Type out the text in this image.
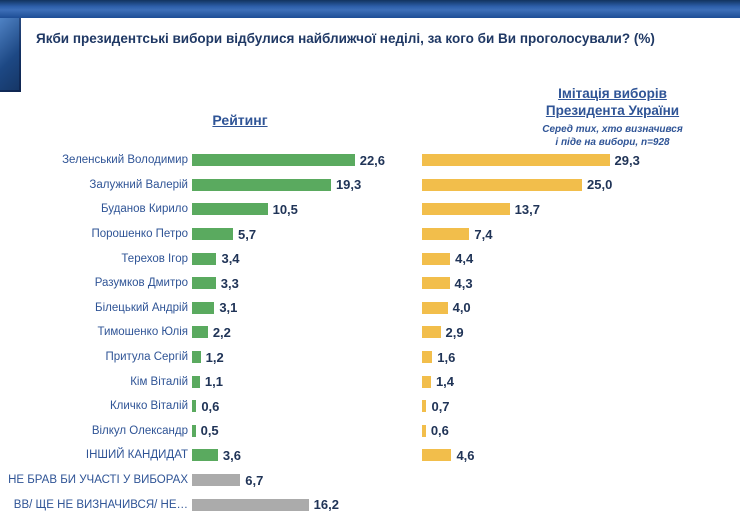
Якби президентські вибори відбулися найближчої неділі, за кого би Ви проголосували? (%)
Рейтинг
Імітація виборів
Президента України
Серед тих, хто визначився
і піде на вибори, n=928
Зеленський Володимир	22,6	29,3
Залужний Валерій	19,3	25,0
Буданов Кирило	10,5	13,7
Порошенко Петро	5,7	7,4
Терехов Ігор	3,4	4,4
Разумков Дмитро	3,3	4,3
Білецький Андрій 3,1	4,0
Тимошенко Юлія 2,2	2,9
Притула Сергій 1,2	1,6
Кім Віталій 1,1	1,4
Кличко Віталій 0,6	0,7
Вілкул Олександр 0,5	0,6
ІНШИЙ КАНДИДАТ	3,6	4,6
НЕ БРАВ БИ УЧАСТІ У ВИБОРАХ	6,7
ВВ/ ЩЕ НЕ ВИЗНАЧИВСЯ/ НЕ…	16,2
